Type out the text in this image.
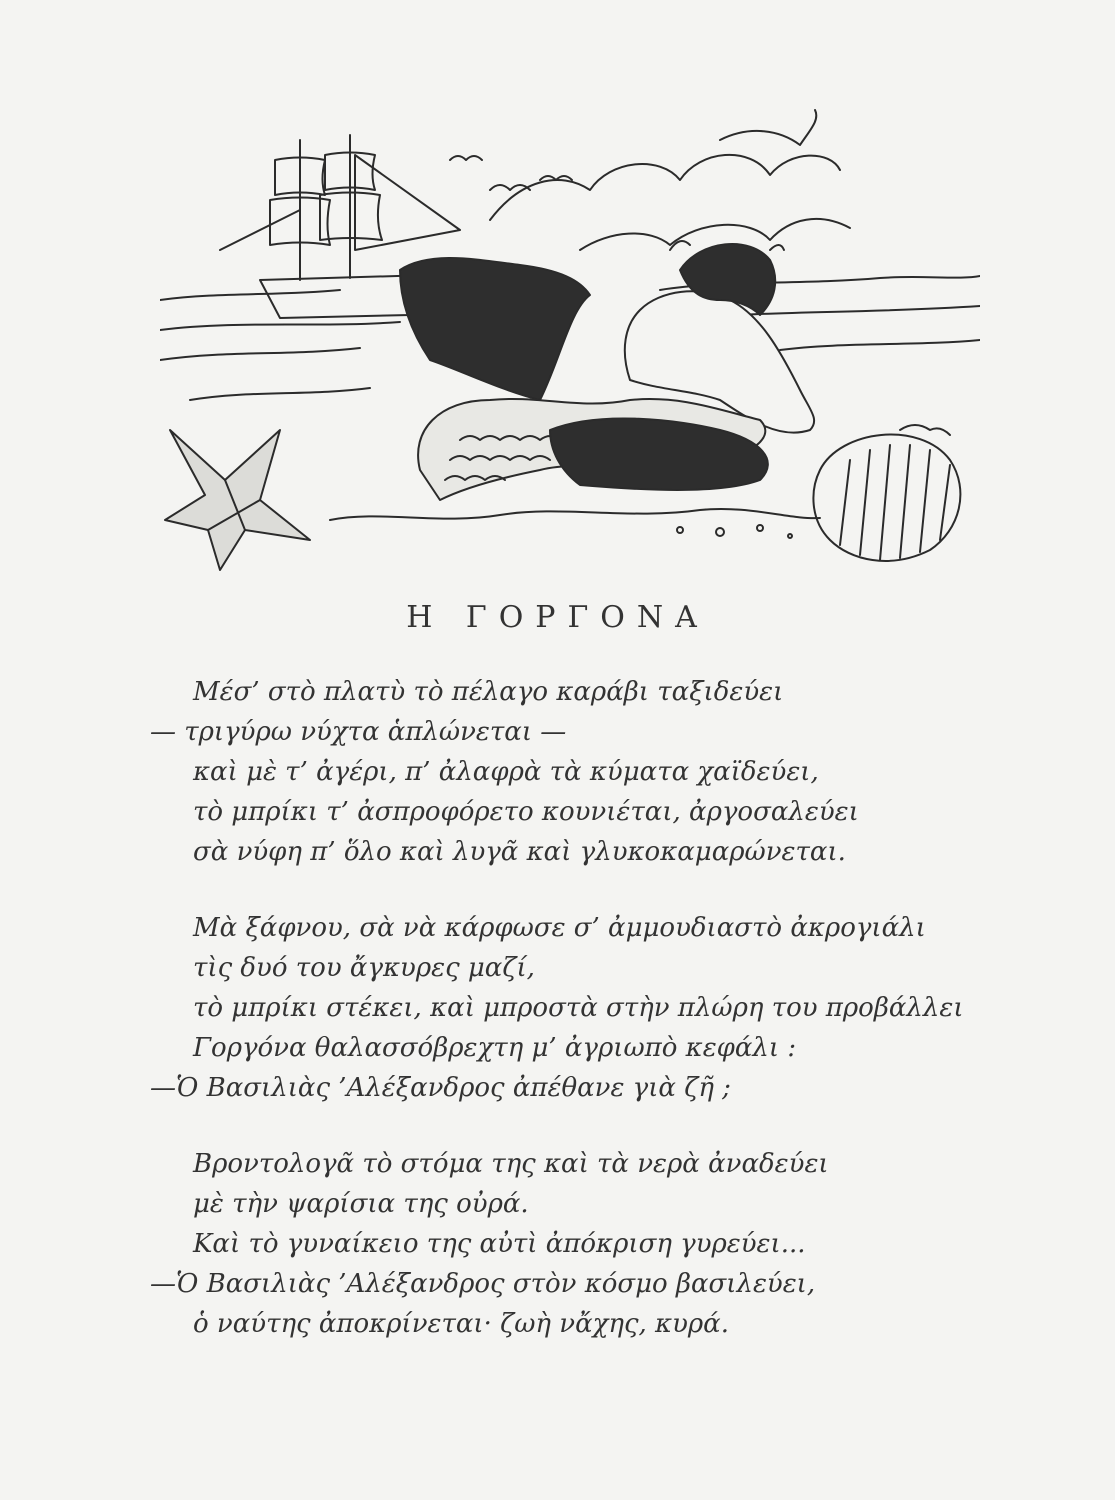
Η ΓΟΡΓΟΝΑ
Μέσ’ στὸ πλατὺ τὸ πέλαγο καράβι ταξιδεύει
— τριγύρω νύχτα ἁπλώνεται —
καὶ μὲ τ’ ἀγέρι, π’ ἀλαφρὰ τὰ κύματα χαϊδεύει,
τὸ μπρίκι τ’ ἀσπροφόρετο κουνιέται, ἀργοσαλεύει
σὰ νύφη π’ ὅλο καὶ λυγᾶ καὶ γλυκοκαμαρώνεται.
Μὰ ξάφνου, σὰ νὰ κάρφωσε σ’ ἀμμουδιαστὸ ἀκρογιάλι
τὶς δυό του ἄγκυρες μαζί,
τὸ μπρίκι στέκει, καὶ μπροστὰ στὴν πλώρη του προβάλλει
Γοργόνα θαλασσόβρεχτη μ’ ἀγριωπὸ κεφάλι :
—Ὁ Βασιλιὰς ’Αλέξανδρος ἀπέθανε γιὰ ζῆ ;
Βροντολογᾶ τὸ στόμα της καὶ τὰ νερὰ ἀναδεύει
μὲ τὴν ψαρίσια της οὐρά.
Καὶ τὸ γυναίκειο της αὐτὶ ἀπόκριση γυρεύει...
—Ὁ Βασιλιὰς ’Αλέξανδρος στὸν κόσμο βασιλεύει,
ὁ ναύτης ἀποκρίνεται· ζωὴ νἄχης, κυρά.
